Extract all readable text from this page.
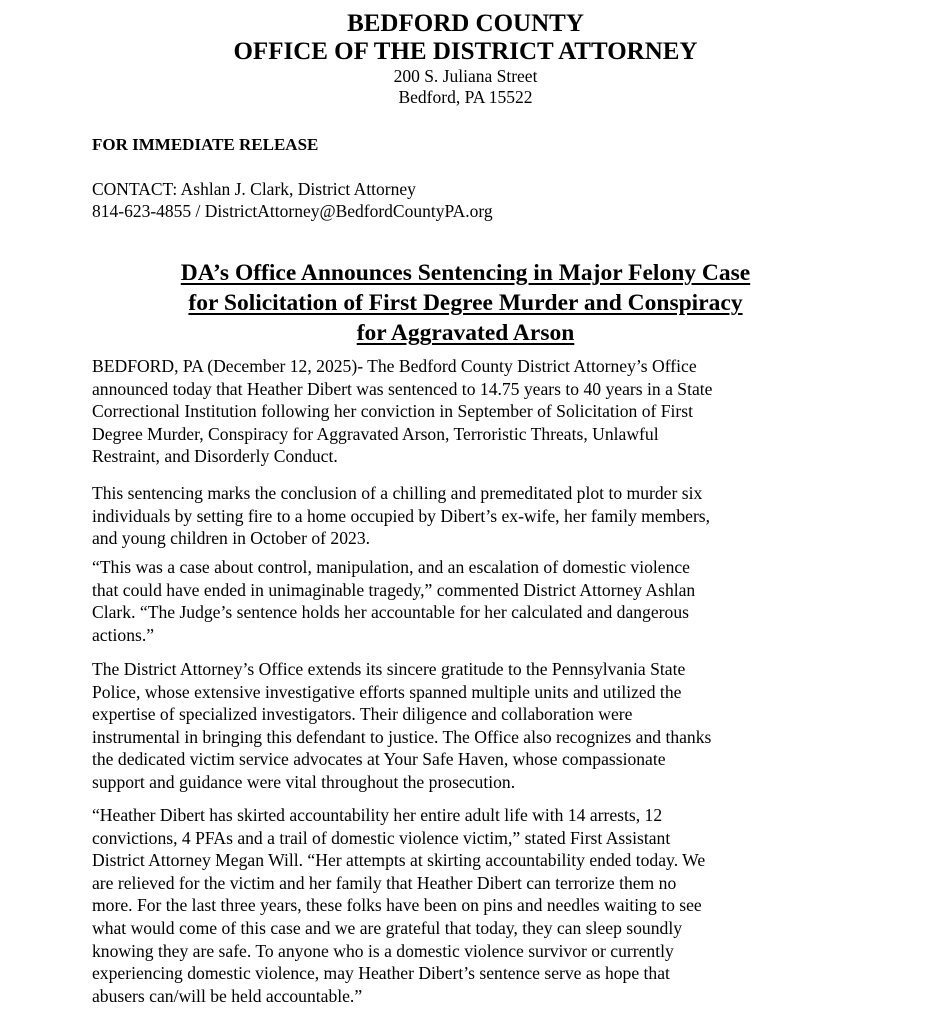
BEDFORD COUNTY
OFFICE OF THE DISTRICT ATTORNEY
200 S. Juliana Street
Bedford, PA 15522
FOR IMMEDIATE RELEASE
CONTACT: Ashlan J. Clark, District Attorney
814-623-4855 / DistrictAttorney@BedfordCountyPA.org
DA’s Office Announces Sentencing in Major Felony Case
for Solicitation of First Degree Murder and Conspiracy
for Aggravated Arson
BEDFORD, PA (December 12, 2025)- The Bedford County District Attorney’s Office
announced today that Heather Dibert was sentenced to 14.75 years to 40 years in a State
Correctional Institution following her conviction in September of Solicitation of First
Degree Murder, Conspiracy for Aggravated Arson, Terroristic Threats, Unlawful
Restraint, and Disorderly Conduct.
This sentencing marks the conclusion of a chilling and premeditated plot to murder six
individuals by setting fire to a home occupied by Dibert’s ex-wife, her family members,
and young children in October of 2023.
“This was a case about control, manipulation, and an escalation of domestic violence
that could have ended in unimaginable tragedy,” commented District Attorney Ashlan
Clark. “The Judge’s sentence holds her accountable for her calculated and dangerous
actions.”
The District Attorney’s Office extends its sincere gratitude to the Pennsylvania State
Police, whose extensive investigative efforts spanned multiple units and utilized the
expertise of specialized investigators. Their diligence and collaboration were
instrumental in bringing this defendant to justice. The Office also recognizes and thanks
the dedicated victim service advocates at Your Safe Haven, whose compassionate
support and guidance were vital throughout the prosecution.
“Heather Dibert has skirted accountability her entire adult life with 14 arrests, 12
convictions, 4 PFAs and a trail of domestic violence victim,” stated First Assistant
District Attorney Megan Will. “Her attempts at skirting accountability ended today. We
are relieved for the victim and her family that Heather Dibert can terrorize them no
more. For the last three years, these folks have been on pins and needles waiting to see
what would come of this case and we are grateful that today, they can sleep soundly
knowing they are safe. To anyone who is a domestic violence survivor or currently
experiencing domestic violence, may Heather Dibert’s sentence serve as hope that
abusers can/will be held accountable.”
